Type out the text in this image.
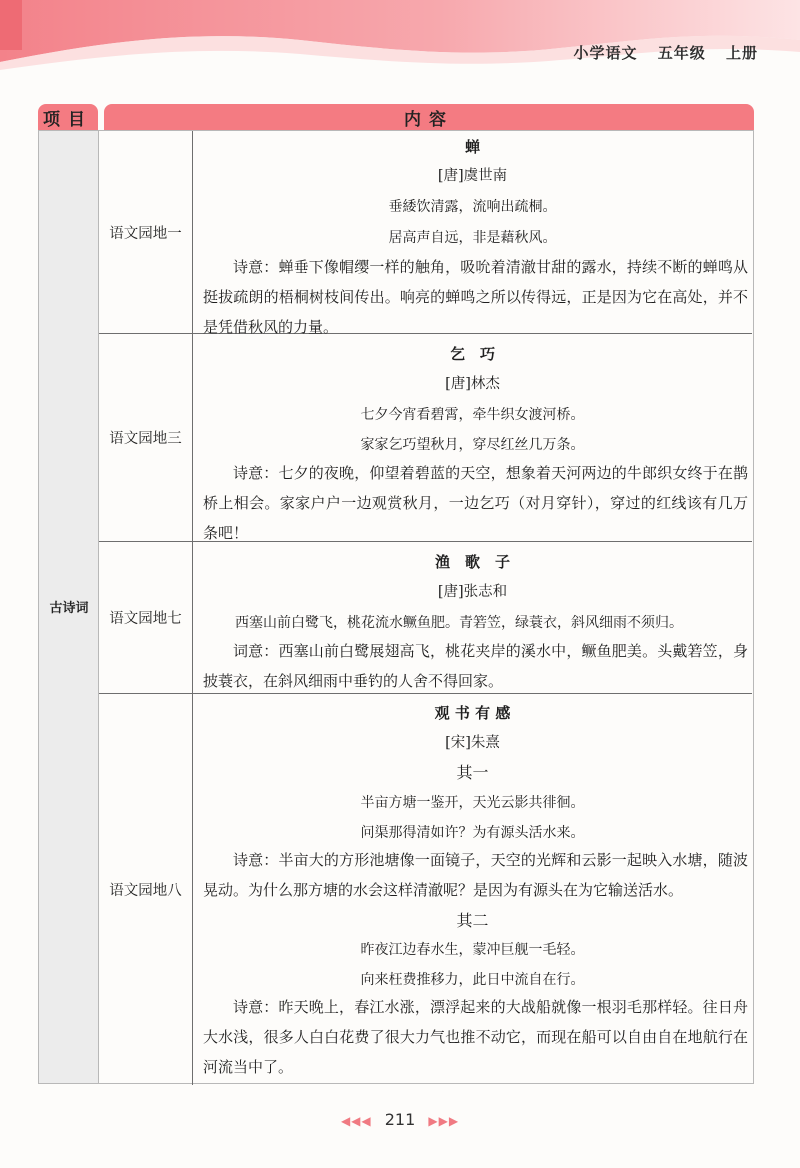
小学语文 五年级 上册
项目	内容
古诗词
语文园地一
蝉
[唐]虞世南
垂緌饮清露，流响出疏桐。
居高声自远，非是藉秋风。
诗意：蝉垂下像帽缨一样的触角，吸吮着清澈甘甜的露水，持续不断的蝉鸣从挺拔疏朗的梧桐树枝间传出。响亮的蝉鸣之所以传得远，正是因为它在高处，并不是凭借秋风的力量。
语文园地三
乞　巧
[唐]林杰
七夕今宵看碧霄，牵牛织女渡河桥。
家家乞巧望秋月，穿尽红丝几万条。
诗意：七夕的夜晚，仰望着碧蓝的天空，想象着天河两边的牛郎织女终于在鹊桥上相会。家家户户一边观赏秋月，一边乞巧（对月穿针），穿过的红线该有几万条吧！
语文园地七
渔　歌　子
[唐]张志和
西塞山前白鹭飞，桃花流水鳜鱼肥。青箬笠，绿蓑衣，斜风细雨不须归。
词意：西塞山前白鹭展翅高飞，桃花夹岸的溪水中，鳜鱼肥美。头戴箬笠，身披蓑衣，在斜风细雨中垂钓的人舍不得回家。
语文园地八
观 书 有 感
[宋]朱熹
其一
半亩方塘一鉴开，天光云影共徘徊。
问渠那得清如许？为有源头活水来。
诗意：半亩大的方形池塘像一面镜子，天空的光辉和云影一起映入水塘，随波晃动。为什么那方塘的水会这样清澈呢？是因为有源头在为它输送活水。
其二
昨夜江边春水生，蒙冲巨舰一毛轻。
向来枉费推移力，此日中流自在行。
诗意：昨天晚上，春江水涨，漂浮起来的大战船就像一根羽毛那样轻。往日舟大水浅，很多人白白花费了很大力气也推不动它，而现在船可以自由自在地航行在河流当中了。
◀◀◀ 211 ▶▶▶
